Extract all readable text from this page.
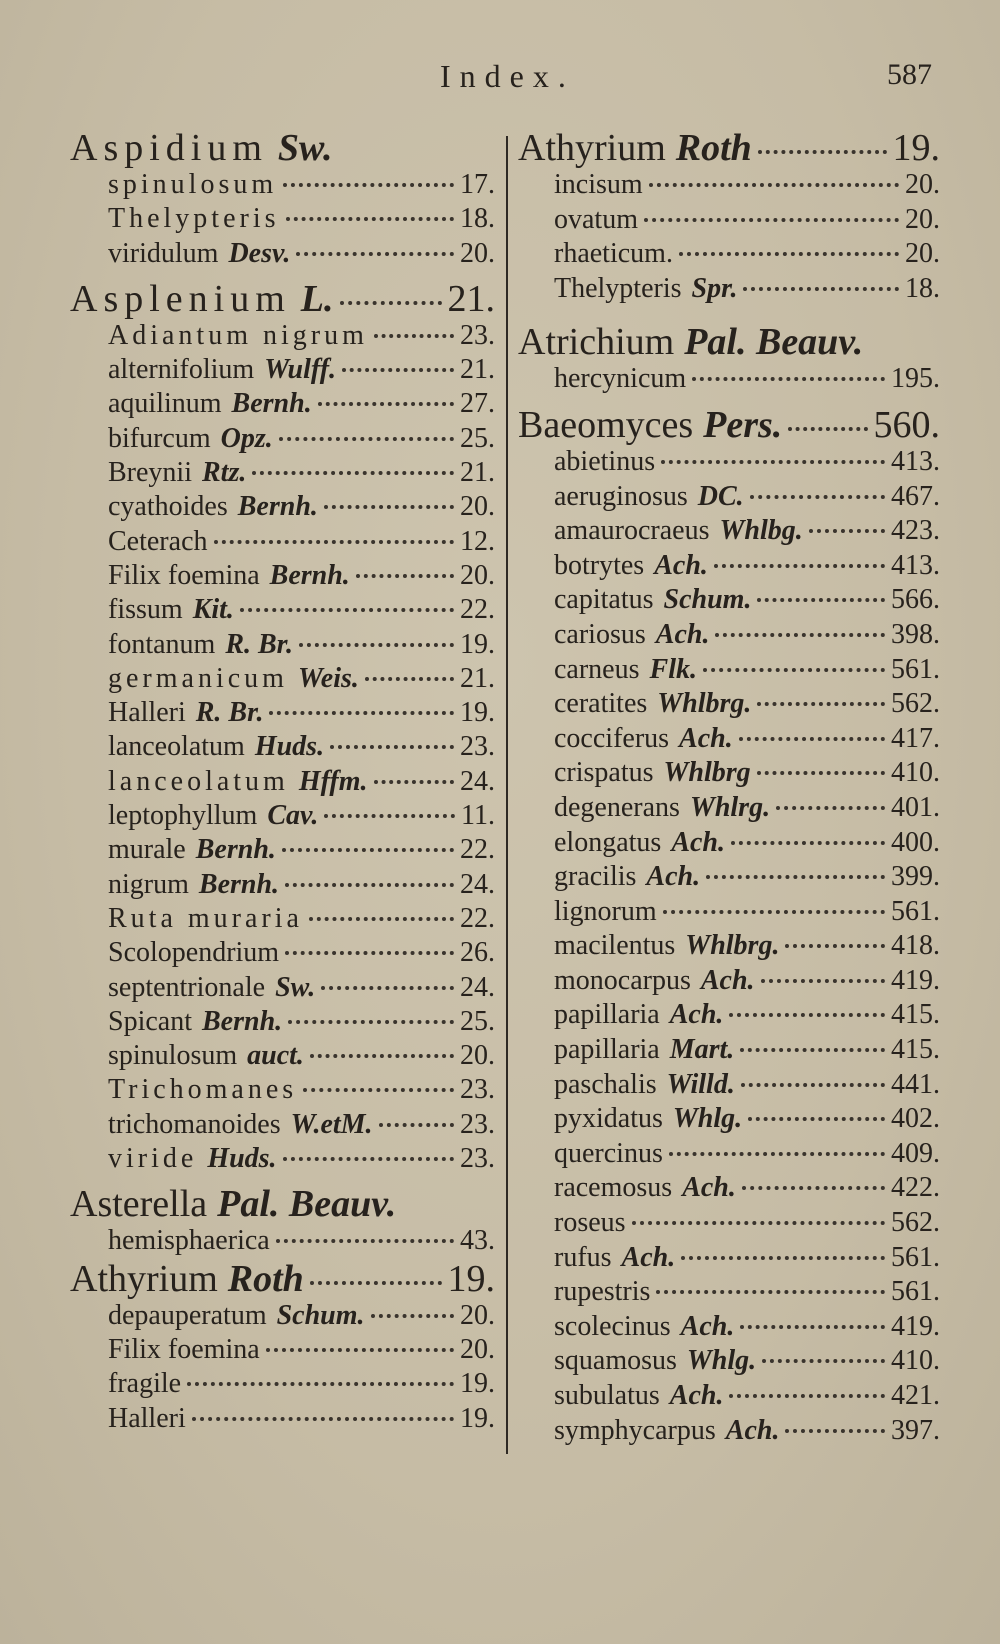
Index.	587
Aspidium Sw.
spinulosum	17.
Thelypteris	18.
viridulum Desv.	20.
Asplenium L.	21.
Adiantum nigrum	23.
alternifolium Wulff.	21.
aquilinum Bernh.	27.
bifurcum Opz.	25.
Breynii Rtz.	21.
cyathoides Bernh.	20.
Ceterach	12.
Filix foemina Bernh.	20.
fissum Kit.	22.
fontanum R. Br.	19.
germanicum Weis.	21.
Halleri R. Br.	19.
lanceolatum Huds.	23.
lanceolatum Hffm.	24.
leptophyllum Cav.	11.
murale Bernh.	22.
nigrum Bernh.	24.
Ruta muraria	22.
Scolopendrium	26.
septentrionale Sw.	24.
Spicant Bernh.	25.
spinulosum auct.	20.
Trichomanes	23.
trichomanoides W.etM.	23.
viride Huds.	23.
Asterella Pal. Beauv.
hemisphaerica	43.
Athyrium Roth	19.
depauperatum Schum.	20.
Filix foemina	20.
fragile	19.
Halleri	19.
Athyrium Roth	19.
incisum	20.
ovatum	20.
rhaeticum.	20.
Thelypteris Spr.	18.
Atrichium Pal. Beauv.
hercynicum	195.
Baeomyces Pers. 560.
abietinus	413.
aeruginosus DC.	467.
amaurocraeus Whlbg.	423.
botrytes Ach.	413.
capitatus Schum.	566.
cariosus Ach.	398.
carneus Flk.	561.
ceratites Whlbrg.	562.
cocciferus Ach.	417.
crispatus Whlbrg	410.
degenerans Whlrg.	401.
elongatus Ach.	400.
gracilis Ach.	399.
lignorum	561.
macilentus Whlbrg.	418.
monocarpus Ach.	419.
papillaria Ach.	415.
papillaria Mart.	415.
paschalis Willd.	441.
pyxidatus Whlg.	402.
quercinus	409.
racemosus Ach.	422.
roseus	562.
rufus Ach.	561.
rupestris	561.
scolecinus Ach.	419.
squamosus Whlg.	410.
subulatus Ach.	421.
symphycarpus Ach.	397.
